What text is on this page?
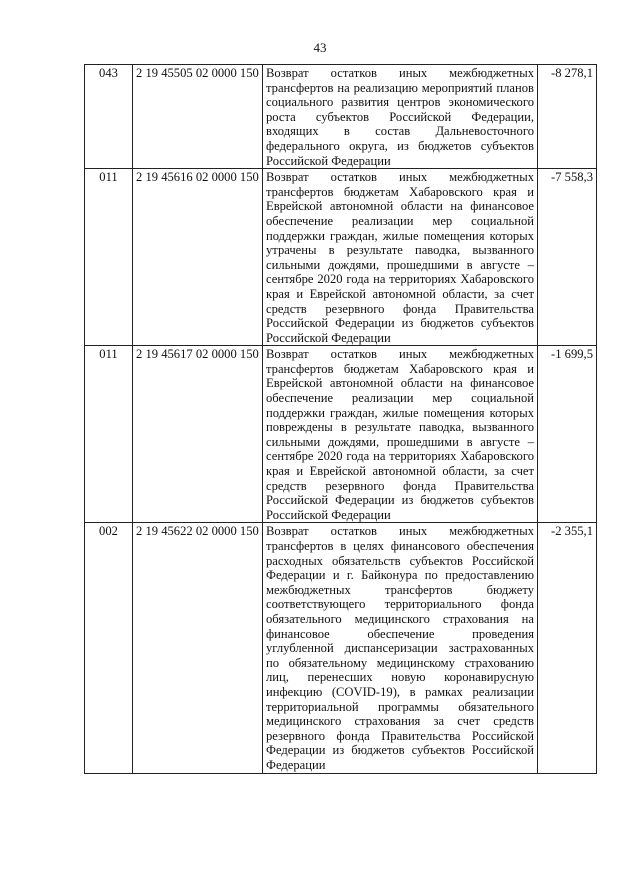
43
043	2 19 45505 02 0000 150	Возврат остатков иных межбюджетных трансфертов на реализацию мероприятий планов социального развития центров экономического роста субъектов Российской Федерации, входящих в состав Дальневосточного федерального округа, из бюджетов субъектов Российской Федерации	-8 278,1
011	2 19 45616 02 0000 150	Возврат остатков иных межбюджетных трансфертов бюджетам Хабаровского края и Еврейской автономной области на финансовое обеспечение реализации мер социальной поддержки граждан, жилые помещения которых утрачены в результате паводка, вызванного сильными дождями, прошедшими в августе – сентябре 2020 года на территориях Хабаровского края и Еврейской автономной области, за счет средств резервного фонда Правительства Российской Федерации из бюджетов субъектов Российской Федерации	-7 558,3
011	2 19 45617 02 0000 150	Возврат остатков иных межбюджетных трансфертов бюджетам Хабаровского края и Еврейской автономной области на финансовое обеспечение реализации мер социальной поддержки граждан, жилые помещения которых повреждены в результате паводка, вызванного сильными дождями, прошедшими в августе – сентябре 2020 года на территориях Хабаровского края и Еврейской автономной области, за счет средств резервного фонда Правительства Российской Федерации из бюджетов субъектов Российской Федерации	-1 699,5
002	2 19 45622 02 0000 150	Возврат остатков иных межбюджетных трансфертов в целях финансового обеспечения расходных обязательств субъектов Российской Федерации и г. Байконура по предоставлению межбюджетных трансфертов бюджету соответствующего территориального фонда обязательного медицинского страхования на финансовое обеспечение проведения углубленной диспансеризации застрахованных по обязательному медицинскому страхованию лиц, перенесших новую коронавирусную инфекцию (COVID-19), в рамках реализации территориальной программы обязательного медицинского страхования за счет средств резервного фонда Правительства Российской Федерации из бюджетов субъектов Российской Федерации	-2 355,1
